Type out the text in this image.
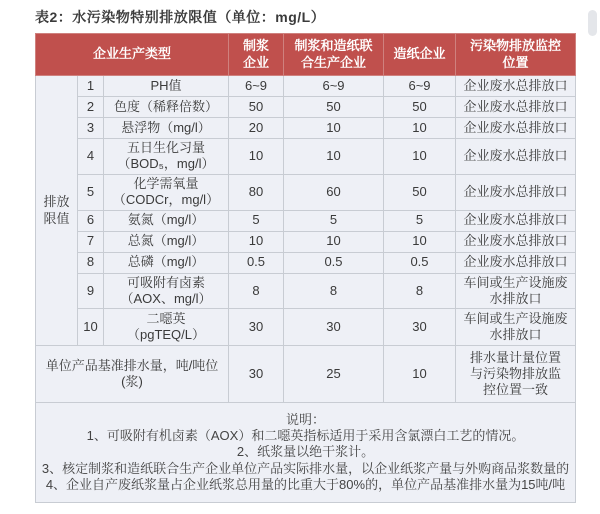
表2：水污染物特别排放限值（单位：mg/L）
企业生产类型			制浆企业	制浆和造纸联合生产企业	造纸企业	污染物排放监控位置
排放限值	1	PH值	6~9	6~9	6~9	企业废水总排放口
	2	色度（稀释倍数）	50	50	50	企业废水总排放口
	3	悬浮物（mg/l）	20	10	10	企业废水总排放口
	4	五日生化习量
（BOD₅，mg/l）	10	10	10	企业废水总排放口
	5	化学需氧量
（CODCr，mg/l）	80	60	50	企业废水总排放口
	6	氨氮（mg/l）	5	5	5	企业废水总排放口
	7	总氮（mg/l）	10	10	10	企业废水总排放口
	8	总磷（mg/l）	0.5	0.5	0.5	企业废水总排放口
	9	可吸附有卤素
（AOX、mg/l）	8	8	8	车间或生产设施废水排放口
	10	二噁英
（pgTEQ/L）	30	30	30	车间或生产设施废水排放口
单位产品基准排水量，吨/吨位(浆)			30	25	10	排水量计量位置与污染物排放监控位置一致

说明：
1、可吸附有机卤素（AOX）和二噁英指标适用于采用含氯漂白工艺的情况。
2、纸浆量以绝干浆计。
3、核定制浆和造纸联合生产企业单位产品实际排水量，以企业纸浆产量与外购商品浆数量的
4、企业自产废纸浆量占企业纸浆总用量的比重大于80%的，单位产品基准排水量为15吨/吨						
